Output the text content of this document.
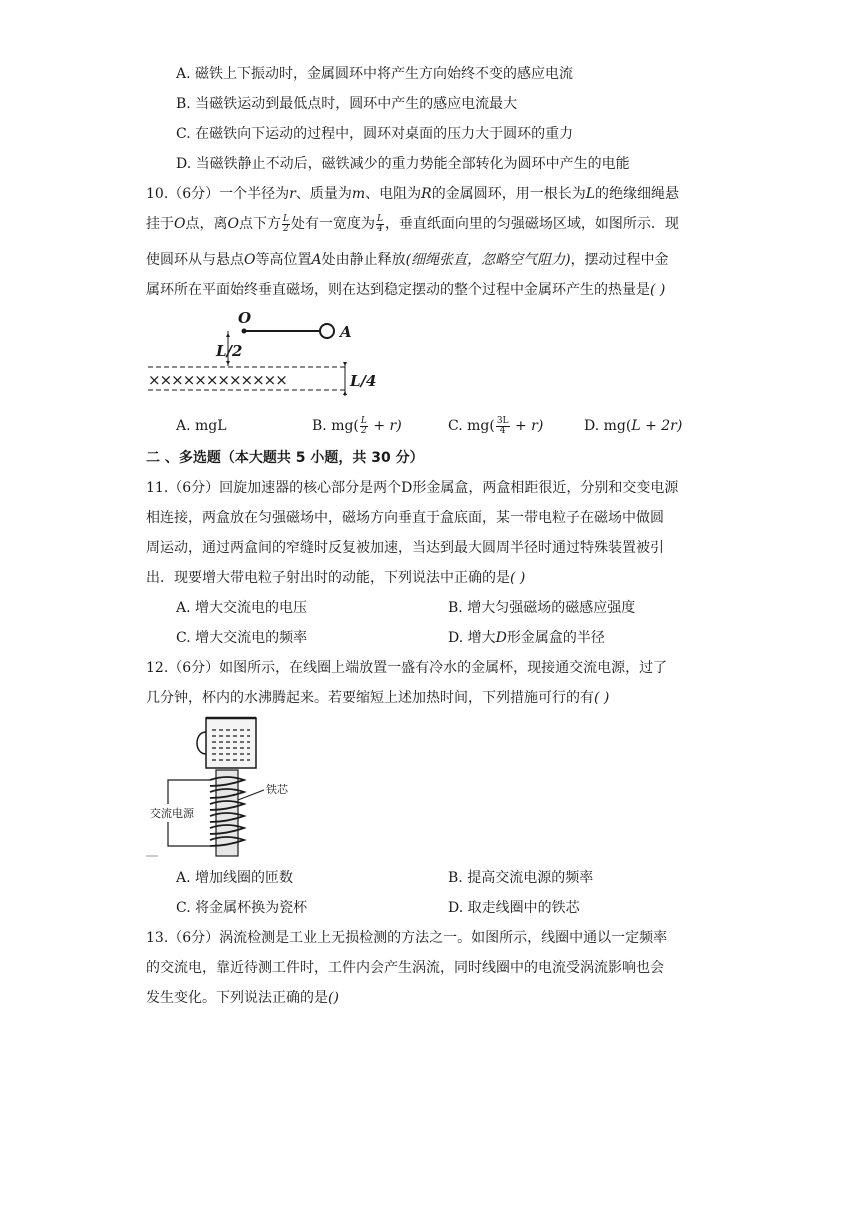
A. 磁铁上下振动时，金属圆环中将产生方向始终不变的感应电流
B. 当磁铁运动到最低点时，圆环中产生的感应电流最大
C. 在磁铁向下运动的过程中，圆环对桌面的压力大于圆环的重力
D. 当磁铁静止不动后，磁铁减少的重力势能全部转化为圆环中产生的电能
10.（6分）一个半径为r、质量为m、电阻为R的金属圆环，用一根长为L的绝缘细绳悬
挂于O点，离O点下方 $\frac{L}{2}$ 处有一宽度为 $\frac{L}{4}$ ，垂直纸面向里的匀强磁场区域，如图所示．现
使圆环从与悬点O等高位置A处由静止释放(细绳张直，忽略空气阻力)，摆动过程中金
属环所在平面始终垂直磁场，则在达到稳定摆动的整个过程中金属环产生的热量是( )
O
A
L/2
××××××××××××	L/4
A. mgL	B. $mg( \frac{L}{2} + r)$	C. $mg( \frac{3L}{4} + r)$	D. mg(L + 2r)
二 、多选题（本大题共 5 小题，共 30 分）
11.（6分）回旋加速器的核心部分是两个D形金属盒，两盒相距很近，分别和交变电源
相连接，两盒放在匀强磁场中，磁场方向垂直于盒底面，某一带电粒子在磁场中做圆
周运动，通过两盒间的窄缝时反复被加速，当达到最大圆周半径时通过特殊装置被引
出．现要增大带电粒子射出时的动能，下列说法中正确的是( )
A. 增大交流电的电压	B. 增大匀强磁场的磁感应强度
C. 增大交流电的频率	D. 增大D形金属盒的半径
12.（6分）如图所示，在线圈上端放置一盛有冷水的金属杯，现接通交流电源，过了
几分钟，杯内的水沸腾起来。若要缩短上述加热时间，下列措施可行的有( )
交流电源
铁芯
A. 增加线圈的匝数	B. 提高交流电源的频率
C. 将金属杯换为瓷杯	D. 取走线圈中的铁芯
13.（6分）涡流检测是工业上无损检测的方法之一。如图所示，线圈中通以一定频率
的交流电，靠近待测工件时，工件内会产生涡流，同时线圈中的电流受涡流影响也会
发生变化。下列说法正确的是()
